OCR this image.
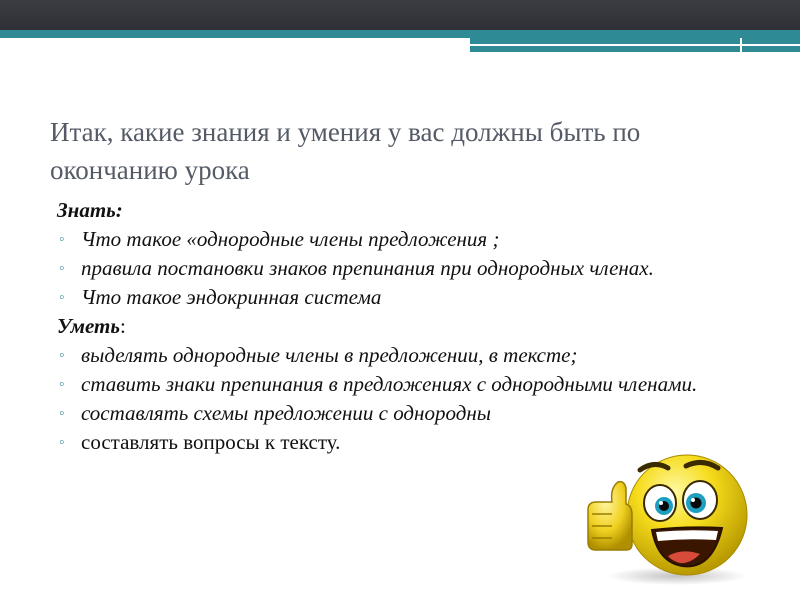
Итак, какие знания и умения у вас должны быть по окончанию урока
Знать:
◦ Что такое «однородные члены предложения ;
◦ правила постановки знаков препинания при однородных членах.
◦ Что такое эндокринная система
Уметь:
◦ выделять однородные члены в предложении, в тексте;
◦ ставить знаки препинания в предложениях с однородными членами.
◦ составлять схемы предложении с однородны
◦ составлять вопросы к тексту.
